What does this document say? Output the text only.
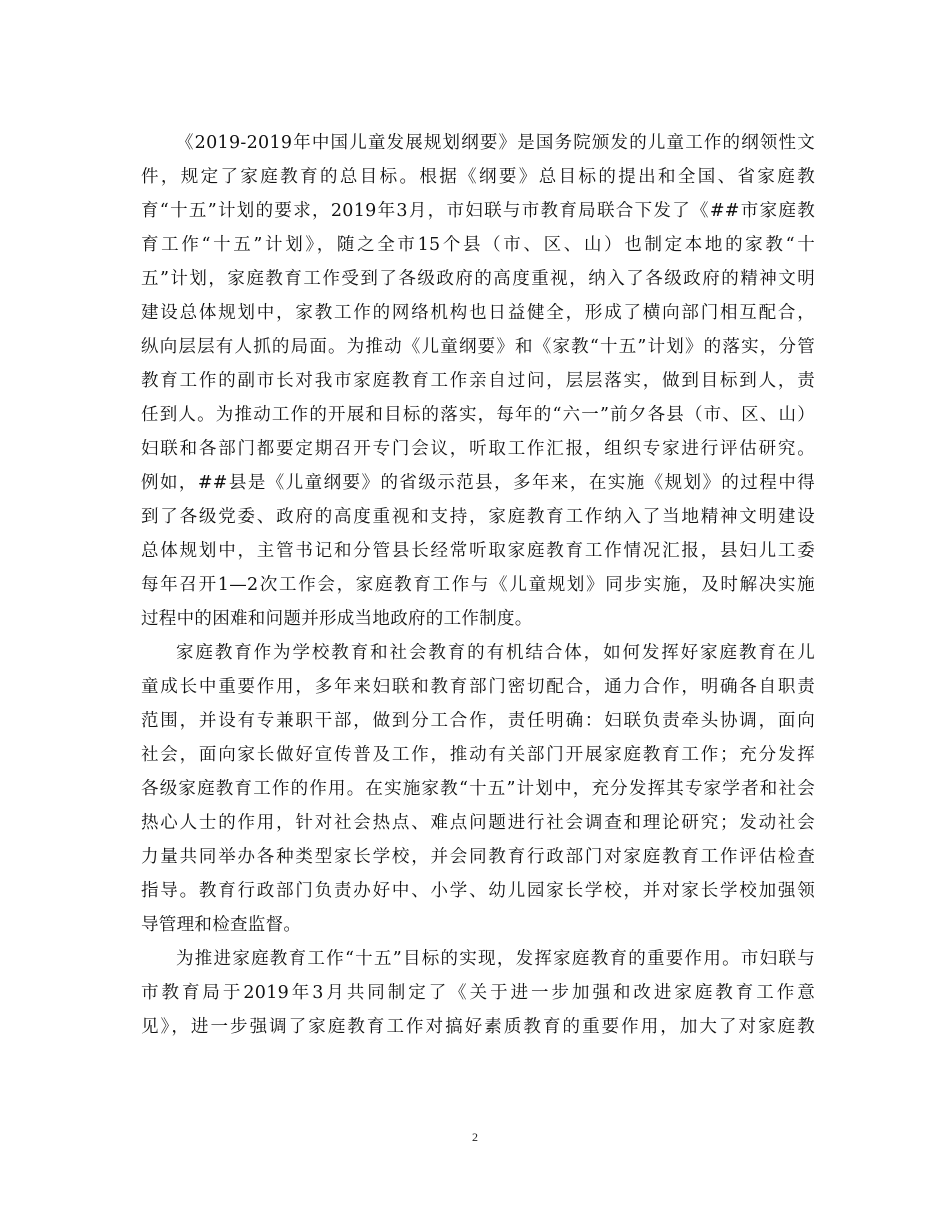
《2019-2019年中国儿童发展规划纲要》是国务院颁发的儿童工作的纲领性文
件，规定了家庭教育的总目标。根据《纲要》总目标的提出和全国、省家庭教
育“十五”计划的要求，2019年3月，市妇联与市教育局联合下发了《##市家庭教
育工作“十五”计划》，随之全市15个县（市、区、山）也制定本地的家教“十
五”计划，家庭教育工作受到了各级政府的高度重视，纳入了各级政府的精神文明
建设总体规划中，家教工作的网络机构也日益健全，形成了横向部门相互配合，
纵向层层有人抓的局面。为推动《儿童纲要》和《家教“十五”计划》的落实，分管
教育工作的副市长对我市家庭教育工作亲自过问，层层落实，做到目标到人，责
任到人。为推动工作的开展和目标的落实，每年的“六一”前夕各县（市、区、山）
妇联和各部门都要定期召开专门会议，听取工作汇报，组织专家进行评估研究。
例如，##县是《儿童纲要》的省级示范县，多年来，在实施《规划》的过程中得
到了各级党委、政府的高度重视和支持，家庭教育工作纳入了当地精神文明建设
总体规划中，主管书记和分管县长经常听取家庭教育工作情况汇报，县妇儿工委
每年召开1—2次工作会，家庭教育工作与《儿童规划》同步实施，及时解决实施
过程中的困难和问题并形成当地政府的工作制度。
家庭教育作为学校教育和社会教育的有机结合体，如何发挥好家庭教育在儿
童成长中重要作用，多年来妇联和教育部门密切配合，通力合作，明确各自职责
范围，并设有专兼职干部，做到分工合作，责任明确：妇联负责牵头协调，面向
社会，面向家长做好宣传普及工作，推动有关部门开展家庭教育工作；充分发挥
各级家庭教育工作的作用。在实施家教“十五”计划中，充分发挥其专家学者和社会
热心人士的作用，针对社会热点、难点问题进行社会调查和理论研究；发动社会
力量共同举办各种类型家长学校，并会同教育行政部门对家庭教育工作评估检查
指导。教育行政部门负责办好中、小学、幼儿园家长学校，并对家长学校加强领
导管理和检查监督。
为推进家庭教育工作“十五”目标的实现，发挥家庭教育的重要作用。市妇联与
市教育局于2019年3月共同制定了《关于进一步加强和改进家庭教育工作意
见》，进一步强调了家庭教育工作对搞好素质教育的重要作用，加大了对家庭教
2
